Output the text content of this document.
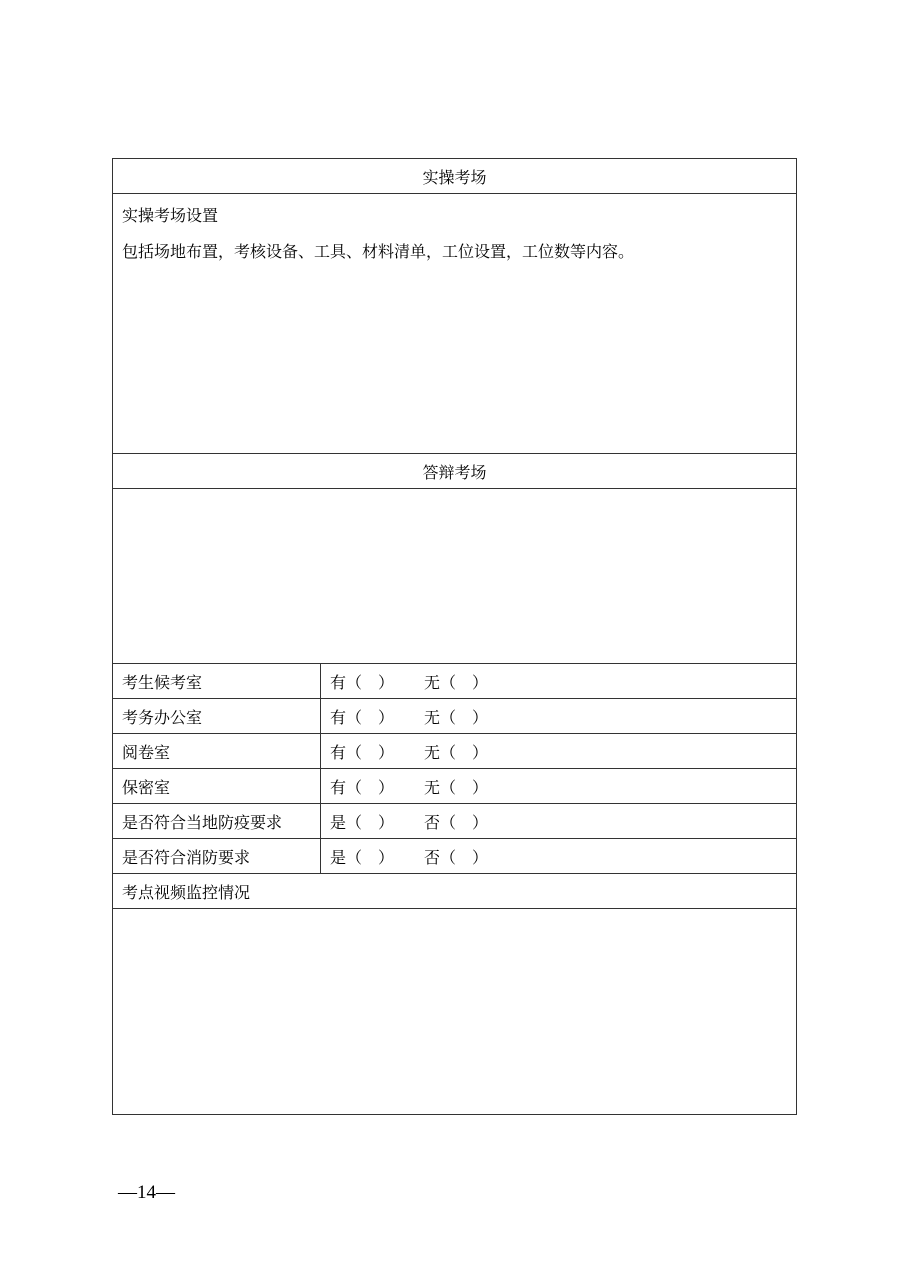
实操考场	

实操考场设置
包括场地布置，考核设备、工具、材料清单，工位设置，工位数等内容。	

答辩考场	

考生候考室	有（　） 无（　）
考务办公室	有（　） 无（　）
阅卷室	有（　） 无（　）
保密室	有（　） 无（　）
是否符合当地防疫要求	是（　） 否（　）
是否符合消防要求	是（　） 否（　）
考点视频监控情况	

—14—
